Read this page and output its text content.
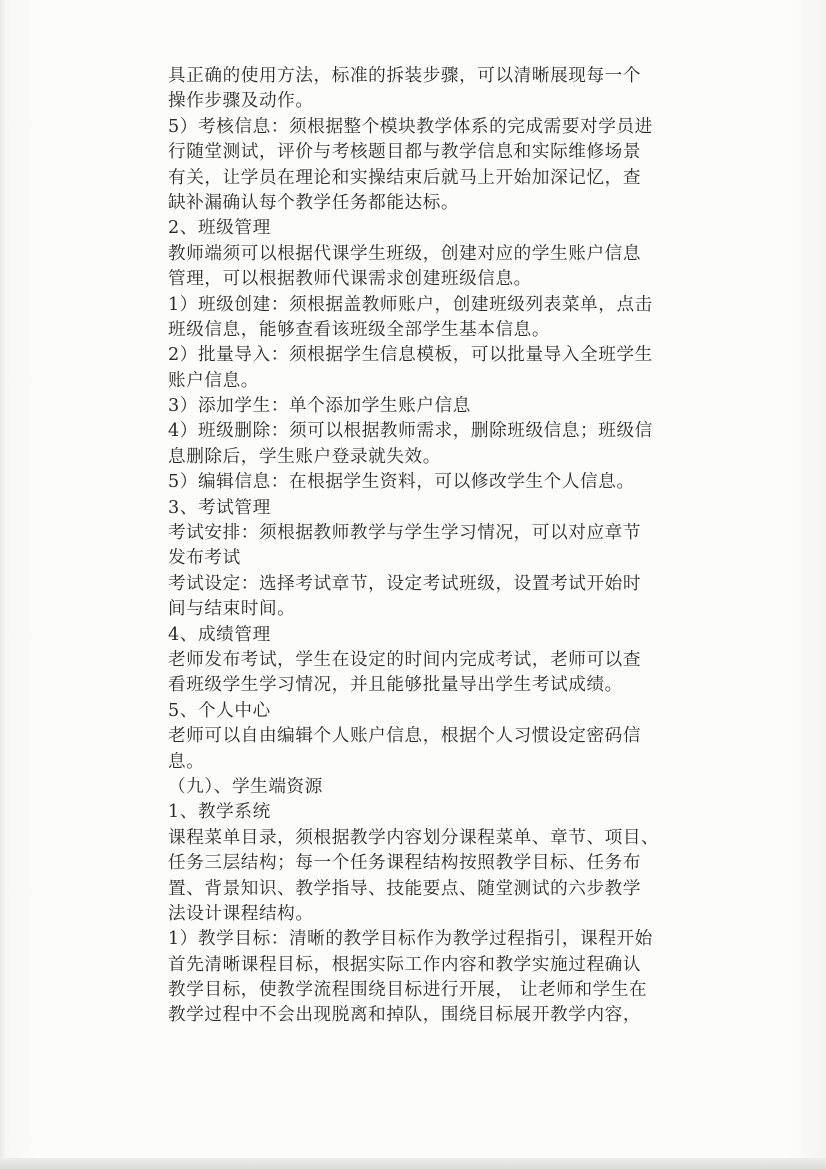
具正确的使用方法，标准的拆装步骤，可以清晰展现每一个
操作步骤及动作。
5）考核信息：须根据整个模块教学体系的完成需要对学员进
行随堂测试，评价与考核题目都与教学信息和实际维修场景
有关，让学员在理论和实操结束后就马上开始加深记忆，查
缺补漏确认每个教学任务都能达标。
2、班级管理
教师端须可以根据代课学生班级，创建对应的学生账户信息
管理，可以根据教师代课需求创建班级信息。
1）班级创建：须根据盖教师账户，创建班级列表菜单，点击
班级信息，能够查看该班级全部学生基本信息。
2）批量导入：须根据学生信息模板，可以批量导入全班学生
账户信息。
3）添加学生：单个添加学生账户信息
4）班级删除：须可以根据教师需求，删除班级信息；班级信
息删除后，学生账户登录就失效。
5）编辑信息：在根据学生资料，可以修改学生个人信息。
3、考试管理
考试安排：须根据教师教学与学生学习情况，可以对应章节
发布考试
考试设定：选择考试章节，设定考试班级，设置考试开始时
间与结束时间。
4、成绩管理
老师发布考试，学生在设定的时间内完成考试，老师可以查
看班级学生学习情况，并且能够批量导出学生考试成绩。
5、个人中心
老师可以自由编辑个人账户信息，根据个人习惯设定密码信
息。
（九）、学生端资源
1、教学系统
课程菜单目录，须根据教学内容划分课程菜单、章节、项目、
任务三层结构；每一个任务课程结构按照教学目标、任务布
置、背景知识、教学指导、技能要点、随堂测试的六步教学
法设计课程结构。
1）教学目标：清晰的教学目标作为教学过程指引，课程开始
首先清晰课程目标，根据实际工作内容和教学实施过程确认
教学目标，使教学流程围绕目标进行开展， 让老师和学生在
教学过程中不会出现脱离和掉队，围绕目标展开教学内容，
